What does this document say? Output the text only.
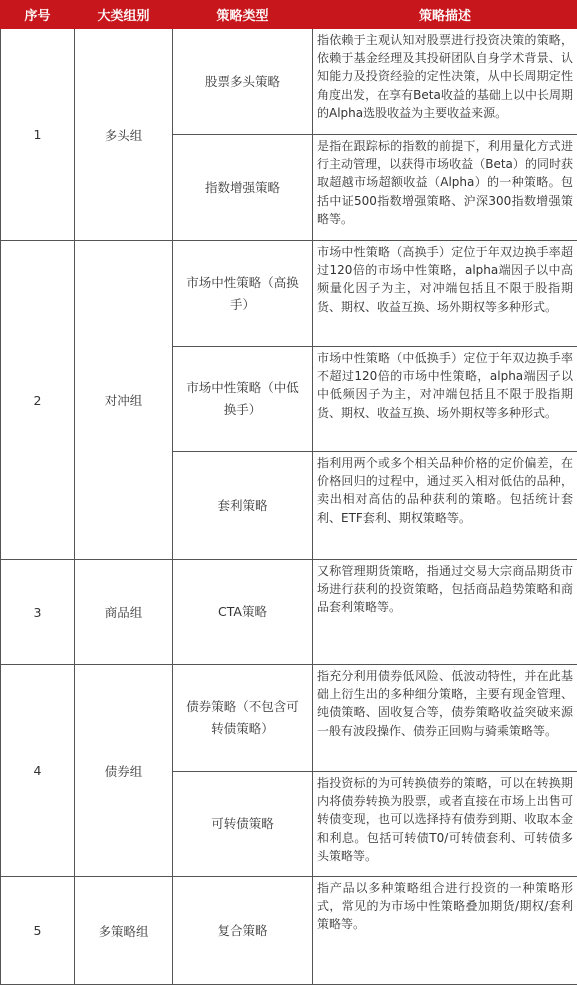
序号	大类组别	策略类型	策略描述
1	多头组	股票多头策略	指依赖于主观认知对股票进行投资决策的策略，依赖于基金经理及其投研团队自身学术背景、认知能力及投资经验的定性决策，从中长周期定性角度出发，在享有Beta收益的基础上以中长周期的Alpha选股收益为主要收益来源。
		指数增强策略	是指在跟踪标的指数的前提下，利用量化方式进行主动管理，以获得市场收益（Beta）的同时获取超越市场超额收益（Alpha）的一种策略。包括中证500指数增强策略、沪深300指数增强策略等。
2	对冲组	市场中性策略（高换手）	市场中性策略（高换手）定位于年双边换手率超过120倍的市场中性策略，alpha端因子以中高频量化因子为主，对冲端包括且不限于股指期货、期权、收益互换、场外期权等多种形式。
		市场中性策略（中低换手）	市场中性策略（中低换手）定位于年双边换手率不超过120倍的市场中性策略，alpha端因子以中低频因子为主，对冲端包括且不限于股指期货、期权、收益互换、场外期权等多种形式。
		套利策略	指利用两个或多个相关品种价格的定价偏差，在价格回归的过程中，通过买入相对低估的品种，卖出相对高估的品种获利的策略。包括统计套利、ETF套利、期权策略等。
3	商品组	CTA策略	又称管理期货策略，指通过交易大宗商品期货市场进行获利的投资策略，包括商品趋势策略和商品套利策略等。
4	债券组	债券策略（不包含可转债策略）	指充分利用债券低风险、低波动特性，并在此基础上衍生出的多种细分策略，主要有现金管理、纯债策略、固收复合等，债券策略收益突破来源一般有波段操作、债券正回购与骑乘策略等。
		可转债策略	指投资标的为可转换债券的策略，可以在转换期内将债券转换为股票，或者直接在市场上出售可转债变现，也可以选择持有债券到期、收取本金和利息。包括可转债T0/可转债套利、可转债多头策略等。
5	多策略组	复合策略	指产品以多种策略组合进行投资的一种策略形式，常见的为市场中性策略叠加期货/期权/套利策略等。
